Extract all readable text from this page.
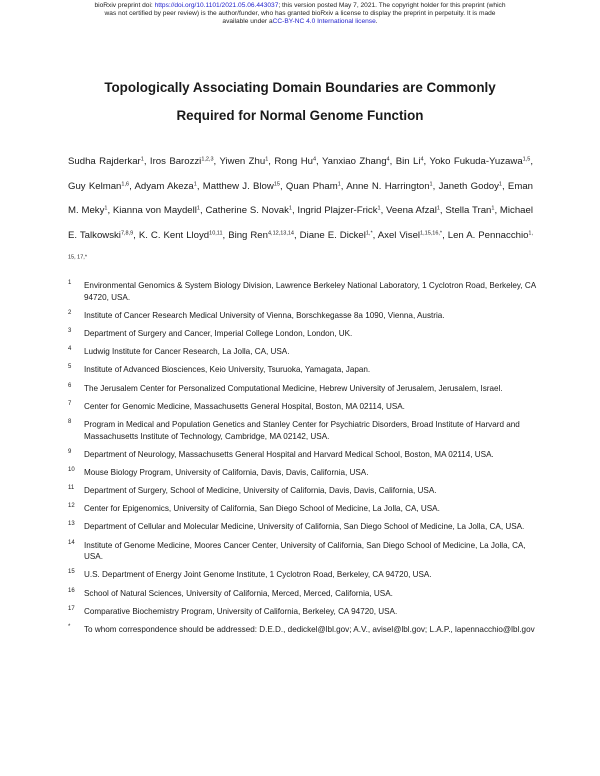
bioRxiv preprint doi: https://doi.org/10.1101/2021.05.06.443037; this version posted May 7, 2021. The copyright holder for this preprint (which
was not certified by peer review) is the author/funder, who has granted bioRxiv a license to display the preprint in perpetuity. It is made
available under aCC-BY-NC 4.0 International license.
Topologically Associating Domain Boundaries are Commonly
Required for Normal Genome Function
Sudha Rajderkar$^1$, Iros Barozzi$^{1,2,3}$, Yiwen Zhu$^1$, Rong Hu$^4$, Yanxiao Zhang$^4$, Bin Li$^4$, Yoko Fukuda-Yuzawa$^{1,5}$, Guy Kelman$^{1,6}$, Adyam Akeza$^1$, Matthew J. Blow$^{15}$, Quan Pham$^1$, Anne N. Harrington$^1$, Janeth Godoy$^1$, Eman M. Meky$^1$, Kianna von Maydell$^1$, Catherine S. Novak$^1$, Ingrid Plajzer-Frick$^1$, Veena Afzal$^1$, Stella Tran$^1$, Michael E. Talkowski$^{7,8,9}$, K. C. Kent Lloyd$^{10,11}$, Bing Ren$^{4,12,13,14}$, Diane E. Dickel$^{1,*}$, Axel Visel$^{1,15,16,*}$, Len A. Pennacchio$^{1, 15, 17,*}$
1 Environmental Genomics & System Biology Division, Lawrence Berkeley National Laboratory, 1 Cyclotron Road, Berkeley, CA 94720, USA.
2 Institute of Cancer Research Medical University of Vienna, Borschkegasse 8a 1090, Vienna, Austria.
3 Department of Surgery and Cancer, Imperial College London, London, UK.
4 Ludwig Institute for Cancer Research, La Jolla, CA, USA.
5 Institute of Advanced Biosciences, Keio University, Tsuruoka, Yamagata, Japan.
6 The Jerusalem Center for Personalized Computational Medicine, Hebrew University of Jerusalem, Jerusalem, Israel.
7 Center for Genomic Medicine, Massachusetts General Hospital, Boston, MA 02114, USA.
8 Program in Medical and Population Genetics and Stanley Center for Psychiatric Disorders, Broad Institute of Harvard and Massachusetts Institute of Technology, Cambridge, MA 02142, USA.
9 Department of Neurology, Massachusetts General Hospital and Harvard Medical School, Boston, MA 02114, USA.
10 Mouse Biology Program, University of California, Davis, Davis, California, USA.
11 Department of Surgery, School of Medicine, University of California, Davis, Davis, California, USA.
12 Center for Epigenomics, University of California, San Diego School of Medicine, La Jolla, CA, USA.
13 Department of Cellular and Molecular Medicine, University of California, San Diego School of Medicine, La Jolla, CA, USA.
14 Institute of Genome Medicine, Moores Cancer Center, University of California, San Diego School of Medicine, La Jolla, CA, USA.
15 U.S. Department of Energy Joint Genome Institute, 1 Cyclotron Road, Berkeley, CA 94720, USA.
16 School of Natural Sciences, University of California, Merced, Merced, California, USA.
17 Comparative Biochemistry Program, University of California, Berkeley, CA 94720, USA.
* To whom correspondence should be addressed: D.E.D., dedickel@lbl.gov; A.V., avisel@lbl.gov; L.A.P., lapennacchio@lbl.gov
